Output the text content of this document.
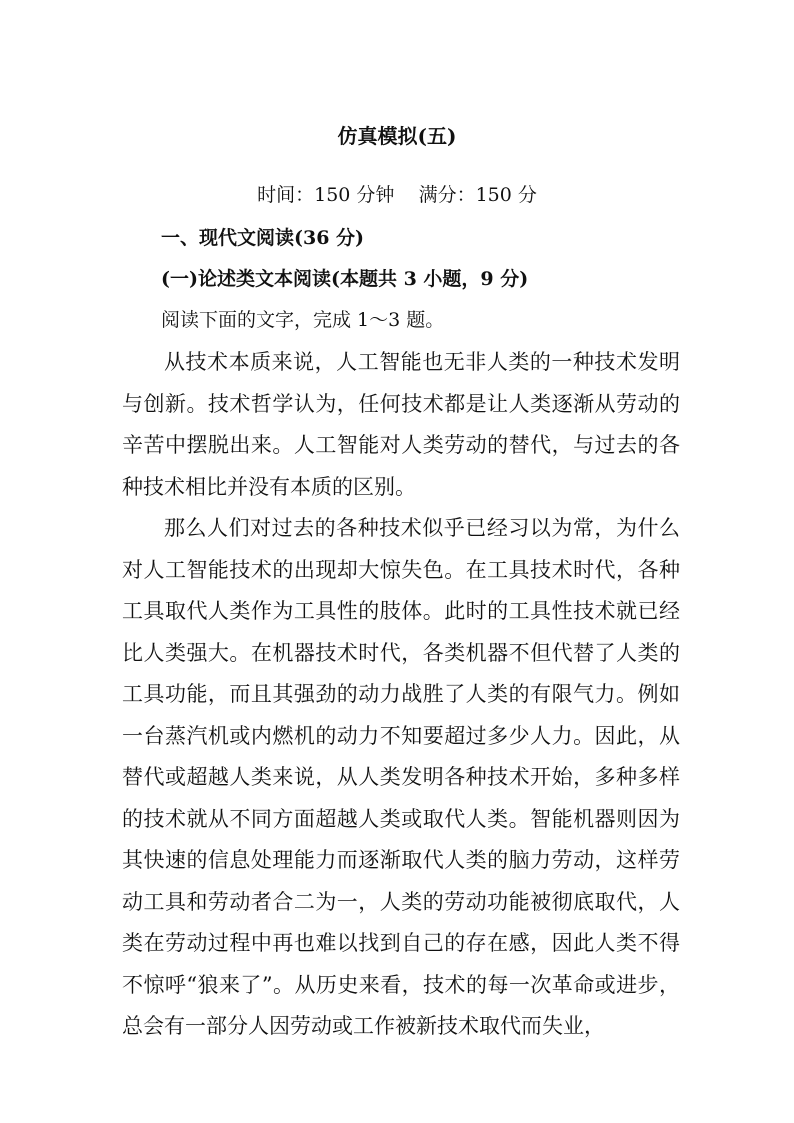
仿真模拟(五)
时间：150 分钟    满分：150 分
一、现代文阅读(36 分)
(一)论述类文本阅读(本题共 3 小题，9 分)
阅读下面的文字，完成 1～3 题。

从技术本质来说，人工智能也无非人类的一种技术发明与创新。技术哲学认为，任何技术都是让人类逐渐从劳动的辛苦中摆脱出来。人工智能对人类劳动的替代，与过去的各种技术相比并没有本质的区别。

那么人们对过去的各种技术似乎已经习以为常，为什么对人工智能技术的出现却大惊失色。在工具技术时代，各种工具取代人类作为工具性的肢体。此时的工具性技术就已经比人类强大。在机器技术时代，各类机器不但代替了人类的工具功能，而且其强劲的动力战胜了人类的有限气力。例如一台蒸汽机或内燃机的动力不知要超过多少人力。因此，从替代或超越人类来说，从人类发明各种技术开始，多种多样的技术就从不同方面超越人类或取代人类。智能机器则因为其快速的信息处理能力而逐渐取代人类的脑力劳动，这样劳动工具和劳动者合二为一，人类的劳动功能被彻底取代，人类在劳动过程中再也难以找到自己的存在感，因此人类不得不惊呼“狼来了”。从历史来看，技术的每一次革命或进步，总会有一部分人因劳动或工作被新技术取代而失业，
